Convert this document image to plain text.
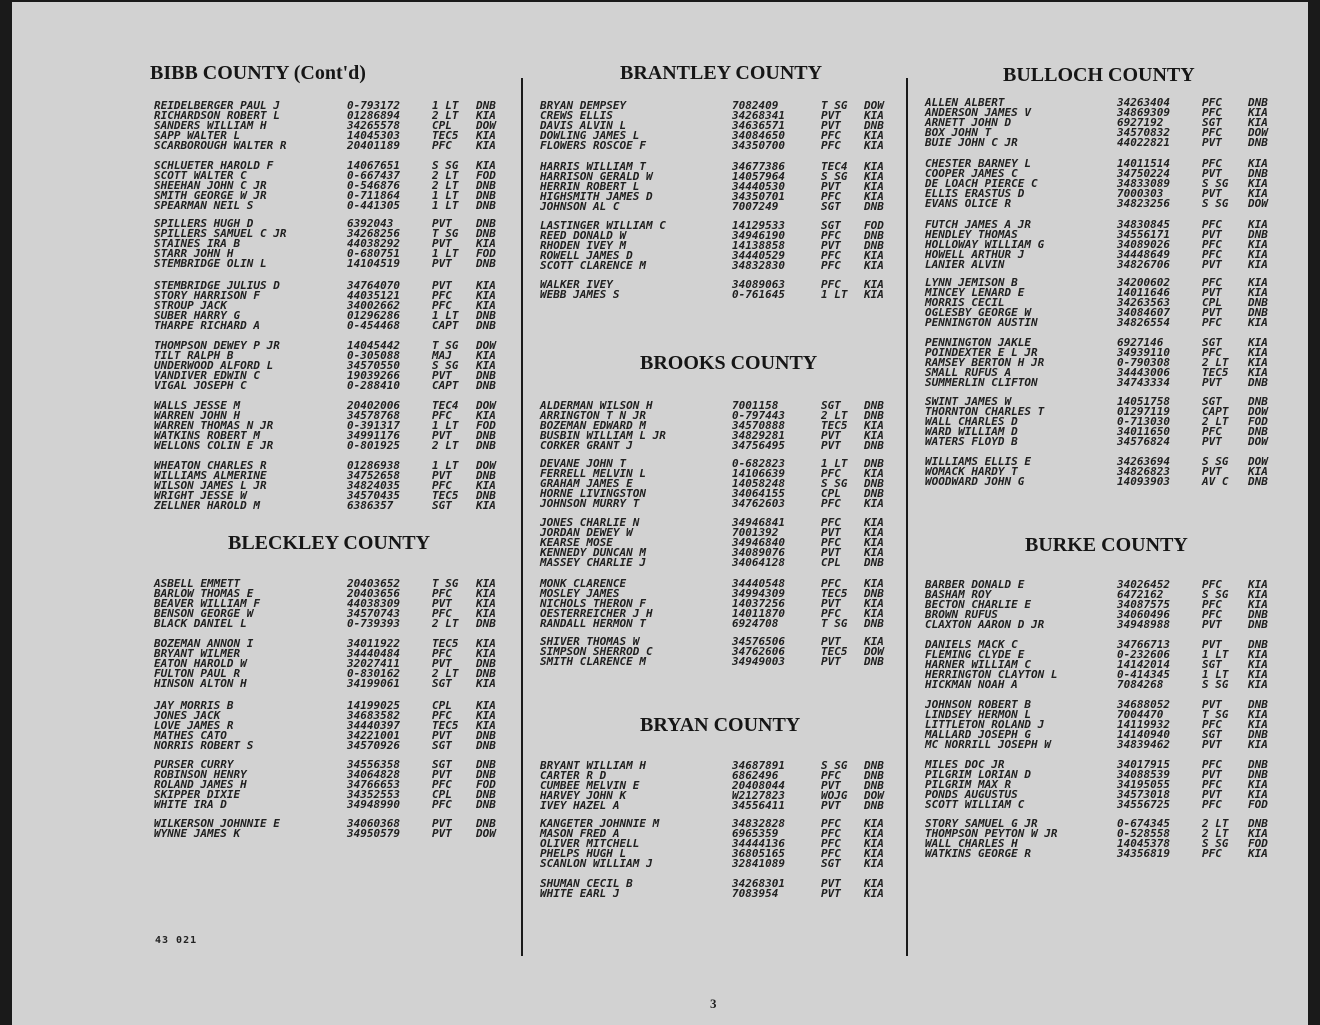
BIBB COUNTY (Cont'd)
REIDELBERGER PAUL J	0-793172	1 LT DNB
RICHARDSON ROBERT L	01286894	2 LT KIA
SANDERS WILLIAM H	34265578	CPL DOW
SAPP WALTER L	14045303	TEC5 KIA
SCARBOROUGH WALTER R	20401189	PFC KIA
SCHLUETER HAROLD F	14067651	S SG KIA
SCOTT WALTER C	0-667437	2 LT FOD
SHEEHAN JOHN C JR	0-546876	2 LT DNB
SMITH GEORGE W JR	0-711864	1 LT DNB
SPEARMAN NEIL S	0-441305	1 LT DNB
SPILLERS HUGH D	6392043	PVT DNB
SPILLERS SAMUEL C JR	34268256	T SG DNB
STAINES IRA B	44038292	PVT KIA
STARR JOHN H	0-680751	1 LT FOD
STEMBRIDGE OLIN L	14104519	PVT DNB
STEMBRIDGE JULIUS D	34764070	PVT KIA
STORY HARRISON F	44035121	PFC KIA
STROUP JACK	34002662	PFC KIA
SUBER HARRY G	01296286	1 LT DNB
THARPE RICHARD A	0-454468	CAPT DNB
THOMPSON DEWEY P JR	14045442	T SG DOW
TILT RALPH B	0-305088	MAJ KIA
UNDERWOOD ALFORD L	34570550	S SG KIA
VANDIVER EDWIN C	19039266	PVT DNB
VIGAL JOSEPH C	0-288410	CAPT DNB
WALLS JESSE M	20402006	TEC4 DOW
WARREN JOHN H	34578768	PFC KIA
WARREN THOMAS N JR	0-391317	1 LT FOD
WATKINS ROBERT M	34991176	PVT DNB
WELLONS COLIN E JR	0-801925	2 LT DNB
WHEATON CHARLES R	01286938	1 LT DOW
WILLIAMS ALMERINE	34752658	PVT DNB
WILSON JAMES L JR	34824035	PFC KIA
WRIGHT JESSE W	34570435	TEC5 DNB
ZELLNER HAROLD M	6386357	SGT KIA
BLECKLEY COUNTY
ASBELL EMMETT	20403652	T SG KIA
BARLOW THOMAS E	20403656	PFC KIA
BEAVER WILLIAM F	44038309	PVT KIA
BENSON GEORGE W	34570743	PFC KIA
BLACK DANIEL L	0-739393	2 LT DNB
BOZEMAN ANNON I	34011922	TEC5 KIA
BRYANT WILMER	34440484	PFC KIA
EATON HAROLD W	32027411	PVT DNB
FULTON PAUL R	0-830162	2 LT DNB
HINSON ALTON H	34199061	SGT KIA
JAY MORRIS B	14199025	CPL KIA
JONES JACK	34683582	PFC KIA
LOVE JAMES R	34440397	TEC5 KIA
MATHES CATO	34221001	PVT DNB
NORRIS ROBERT S	34570926	SGT DNB
PURSER CURRY	34556358	SGT DNB
ROBINSON HENRY	34064828	PVT DNB
ROLAND JAMES H	34766653	PFC FOD
SKIPPER DIXIE	34352553	CPL DNB
WHITE IRA D	34948990	PFC DNB
WILKERSON JOHNNIE E	34060368	PVT DNB
WYNNE JAMES K	34950579	PVT DOW
BRANTLEY COUNTY
BRYAN DEMPSEY	7082409	T SG DOW
CREWS ELLIS	34268341	PVT KIA
DAVIS ALVIN L	34636571	PVT DNB
DOWLING JAMES L	34084650	PFC KIA
FLOWERS ROSCOE F	34350700	PFC KIA
HARRIS WILLIAM T	34677386	TEC4 KIA
HARRISON GERALD W	14057964	S SG KIA
HERRIN ROBERT L	34440530	PVT KIA
HIGHSMITH JAMES D	34350701	PFC KIA
JOHNSON AL C	7007249	SGT DNB
LASTINGER WILLIAM C	14129533	SGT FOD
REED DONALD W	34946190	PFC DNB
RHODEN IVEY M	14138858	PVT DNB
ROWELL JAMES D	34440529	PFC KIA
SCOTT CLARENCE M	34832830	PFC KIA
WALKER IVEY	34089063	PFC KIA
WEBB JAMES S	0-761645	1 LT KIA
BROOKS COUNTY
ALDERMAN WILSON H	7001158	SGT DNB
ARRINGTON T N JR	0-797443	2 LT DNB
BOZEMAN EDWARD M	34570888	TEC5 KIA
BUSBIN WILLIAM L JR	34829281	PVT KIA
CORKER GRANT J	34756495	PVT DNB
DEVANE JOHN T	0-682823	1 LT DNB
FERRELL MELVIN L	14106639	PFC KIA
GRAHAM JAMES E	14058248	S SG DNB
HORNE LIVINGSTON	34064155	CPL DNB
JOHNSON MURRY T	34762603	PFC KIA
JONES CHARLIE N	34946841	PFC KIA
JORDAN DEWEY W	7001392	PVT KIA
KEARSE MOSE	34946840	PFC KIA
KENNEDY DUNCAN M	34089076	PVT KIA
MASSEY CHARLIE J	34064128	CPL DNB
MONK CLARENCE	34440548	PFC KIA
MOSLEY JAMES	34994309	TEC5 DNB
NICHOLS THERON F	14037256	PVT KIA
OESTERREICHER J H	14011870	PFC KIA
RANDALL HERMON T	6924708	T SG DNB
SHIVER THOMAS W	34576506	PVT KIA
SIMPSON SHERROD C	34762606	TEC5 DOW
SMITH CLARENCE M	34949003	PVT DNB
BRYAN COUNTY
BRYANT WILLIAM H	34687891	S SG DNB
CARTER R D	6862496	PFC DNB
CUMBEE MELVIN E	20408044	PVT DNB
HARVEY JOHN K	W2127823	WOJG DOW
IVEY HAZEL A	34556411	PVT DNB
KANGETER JOHNNIE M	34832828	PFC KIA
MASON FRED A	6965359	PFC KIA
OLIVER MITCHELL	34444136	PFC KIA
PHELPS HUGH L	36805165	PFC KIA
SCANLON WILLIAM J	32841089	SGT KIA
SHUMAN CECIL B	34268301	PVT KIA
WHITE EARL J	7083954	PVT KIA
BULLOCH COUNTY
ALLEN ALBERT	34263404	PFC DNB
ANDERSON JAMES V	34869309	PFC KIA
ARNETT JOHN D	6927192	SGT KIA
BOX JOHN T	34570832	PFC DOW
BUIE JOHN C JR	44022821	PVT DNB
CHESTER BARNEY L	14011514	PFC KIA
COOPER JAMES C	34750224	PVT DNB
DE LOACH PIERCE C	34833089	S SG KIA
ELLIS ERASTUS D	7000303	PVT KIA
EVANS OLICE R	34823256	S SG DOW
FUTCH JAMES A JR	34830845	PFC KIA
HENDLEY THOMAS	34556171	PVT DNB
HOLLOWAY WILLIAM G	34089026	PFC KIA
HOWELL ARTHUR J	34448649	PFC KIA
LANIER ALVIN	34826706	PVT KIA
LYNN JEMISON B	34200602	PFC KIA
MINCEY LENARD E	14011646	PVT KIA
MORRIS CECIL	34263563	CPL DNB
OGLESBY GEORGE W	34084607	PVT DNB
PENNINGTON AUSTIN	34826554	PFC KIA
PENNINGTON JAKLE	6927146	SGT KIA
POINDEXTER E L JR	34939110	PFC KIA
RAMSEY BERTON H JR	0-790308	2 LT KIA
SMALL RUFUS A	34443006	TEC5 KIA
SUMMERLIN CLIFTON	34743334	PVT DNB
SWINT JAMES W	14051758	SGT DNB
THORNTON CHARLES T	01297119	CAPT DOW
WALL CHARLES D	0-713030	2 LT FOD
WARD WILLIAM D	34011650	PFC DNB
WATERS FLOYD B	34576824	PVT DOW
WILLIAMS ELLIS E	34263694	S SG DOW
WOMACK HARDY T	34826823	PVT KIA
WOODWARD JOHN G	14093903	AV C DNB
BURKE COUNTY
BARBER DONALD E	34026452	PFC KIA
BASHAM ROY	6472162	S SG KIA
BECTON CHARLIE E	34087575	PFC KIA
BROWN RUFUS	34060496	PFC DNB
CLAXTON AARON D JR	34948988	PVT DNB
DANIELS MACK C	34766713	PVT DNB
FLEMING CLYDE E	0-232606	1 LT KIA
HARNER WILLIAM C	14142014	SGT KIA
HERRINGTON CLAYTON L	0-414345	1 LT KIA
HICKMAN NOAH A	7084268	S SG KIA
JOHNSON ROBERT B	34688052	PVT DNB
LINDSEY HERMON L	7004470	T SG KIA
LITTLETON ROLAND J	14119932	PFC KIA
MALLARD JOSEPH G	14140940	SGT DNB
MC NORRILL JOSEPH W	34839462	PVT KIA
MILES DOC JR	34017915	PFC DNB
PILGRIM LORIAN D	34088539	PVT DNB
PILGRIM MAX R	34195055	PFC KIA
PONDS AUGUSTUS	34573018	PVT KIA
SCOTT WILLIAM C	34556725	PFC FOD
STORY SAMUEL G JR	0-674345	2 LT DNB
THOMPSON PEYTON W JR	0-528558	2 LT KIA
WALL CHARLES H	14045378	S SG FOD
WATKINS GEORGE R	34356819	PFC KIA
43 021
3
